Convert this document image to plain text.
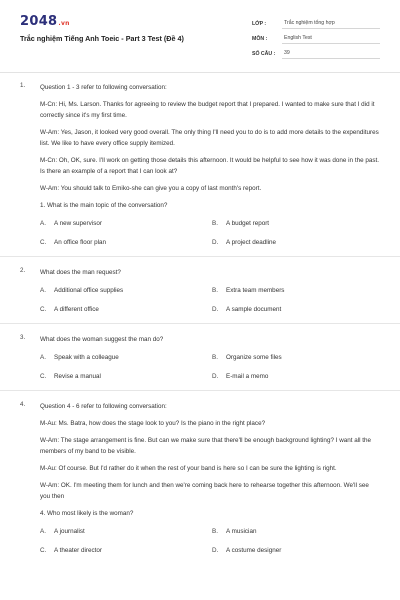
2048.vn
Trắc nghiệm Tiếng Anh Toeic - Part 3 Test (Đề 4)
LỚP :	Trắc nghiệm tổng hợp
MÔN :	English Test
SỐ CÂU :	39
1. Question 1 - 3 refer to following conversation:
M-Cn: Hi, Ms. Larson. Thanks for agreeing to review the budget report that I prepared. I wanted to make sure that I did it correctly since it's my first time.
W-Am: Yes, Jason, it looked very good overall. The only thing I'll need you to do is to add more details to the expenditures list. We like to have every office supply itemized.
M-Cn: Oh, OK, sure. I'll work on getting those details this afternoon. It would be helpful to see how it was done in the past. Is there an example of a report that I can look at?
W-Am: You should talk to Emiko-she can give you a copy of last month's report.
1. What is the main topic of the conversation?
A.	A new supervisor	B.	A budget report
C.	An office floor plan	D.	A project deadline
2. What does the man request?
A.	Additional office supplies	B.	Extra team members
C.	A different office	D.	A sample document
3. What does the woman suggest the man do?
A.	Speak with a colleague	B.	Organize some files
C.	Revise a manual	D.	E-mail a memo
4. Question 4 - 6 refer to following conversation:
M-Au: Ms. Batra, how does the stage look to you? Is the piano in the right place?
W-Am: The stage arrangement is fine. But can we make sure that there'll be enough background lighting? I want all the members of my band to be visible.
M-Au: Of course. But I'd rather do it when the rest of your band is here so I can be sure the lighting is right.
W-Am: OK. I'm meeting them for lunch and then we're coming back here to rehearse together this afternoon. We'll see you then
4. Who most likely is the woman?
A.	A journalist	B.	A musician
C.	A theater director	D.	A costume designer
